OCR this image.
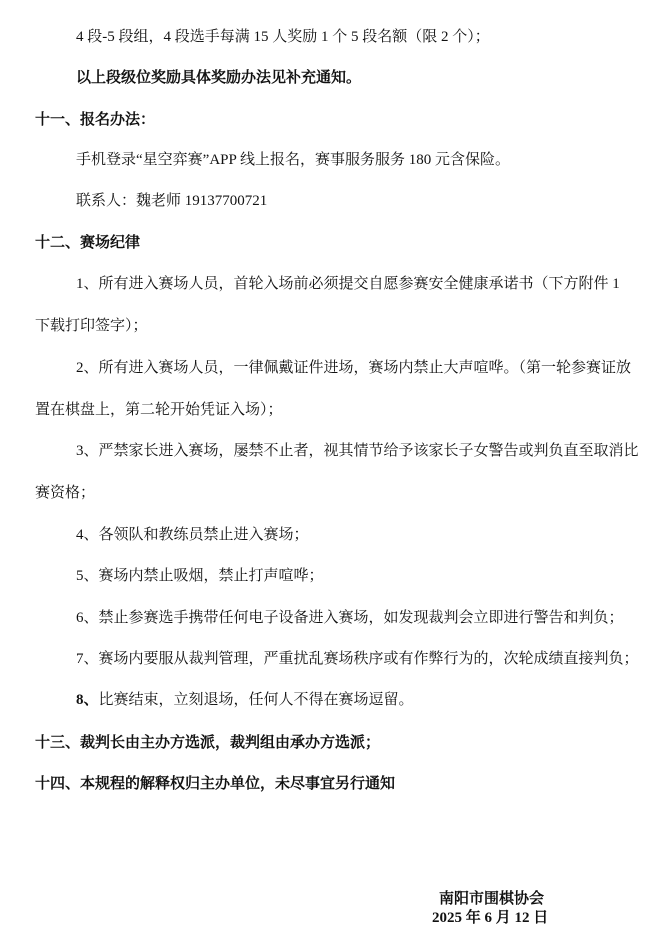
4 段-5 段组，4 段选手每满 15 人奖励 1 个 5 段名额（限 2 个）；
以上段级位奖励具体奖励办法见补充通知。
十一、报名办法：
手机登录“星空弈赛”APP 线上报名，赛事服务服务 180 元含保险。
联系人：魏老师 19137700721
十二、赛场纪律
1、所有进入赛场人员，首轮入场前必须提交自愿参赛安全健康承诺书（下方附件 1
下载打印签字）；
2、所有进入赛场人员，一律佩戴证件进场，赛场内禁止大声喧哗。（第一轮参赛证放
置在棋盘上，第二轮开始凭证入场）；
3、严禁家长进入赛场，屡禁不止者，视其情节给予该家长子女警告或判负直至取消比
赛资格；
4、各领队和教练员禁止进入赛场；
5、赛场内禁止吸烟，禁止打声喧哗；
6、禁止参赛选手携带任何电子设备进入赛场，如发现裁判会立即进行警告和判负；
7、赛场内要服从裁判管理，严重扰乱赛场秩序或有作弊行为的，次轮成绩直接判负；
8、比赛结束，立刻退场，任何人不得在赛场逗留。
十三、裁判长由主办方选派，裁判组由承办方选派；
十四、本规程的解释权归主办单位，未尽事宜另行通知
南阳市围棋协会
2025 年 6 月 12 日
